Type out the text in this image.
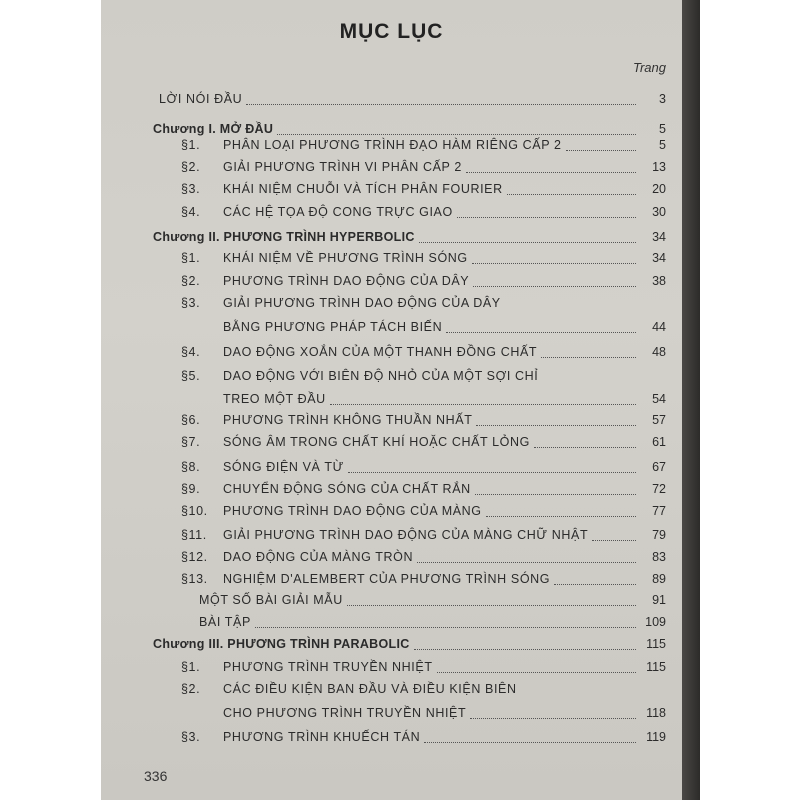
MỤC LỤC
Trang
LỜI NÓI ĐẦU	3
Chương I. MỞ ĐẦU	5
§1. PHÂN LOẠI PHƯƠNG TRÌNH ĐẠO HÀM RIÊNG CẤP 2	5
§2. GIẢI PHƯƠNG TRÌNH VI PHÂN CẤP 2	13
§3. KHÁI NIỆM CHUỖI VÀ TÍCH PHÂN FOURIER	20
§4. CÁC HỆ TỌA ĐỘ CONG TRỰC GIAO	30
Chương II. PHƯƠNG TRÌNH HYPERBOLIC	34
§1. KHÁI NIỆM VỀ PHƯƠNG TRÌNH SÓNG	34
§2. PHƯƠNG TRÌNH DAO ĐỘNG CỦA DÂY	38
§3. GIẢI PHƯƠNG TRÌNH DAO ĐỘNG CỦA DÂY
BẰNG PHƯƠNG PHÁP TÁCH BIẾN	44
§4. DAO ĐỘNG XOẮN CỦA MỘT THANH ĐỒNG CHẤT	48
§5. DAO ĐỘNG VỚI BIÊN ĐỘ NHỎ CỦA MỘT SỢI CHỈ
TREO MỘT ĐẦU	54
§6. PHƯƠNG TRÌNH KHÔNG THUẦN NHẤT	57
§7. SÓNG ÂM TRONG CHẤT KHÍ HOẶC CHẤT LỎNG	61
§8. SÓNG ĐIỆN VÀ TỪ	67
§9. CHUYỂN ĐỘNG SÓNG CỦA CHẤT RẮN	72
§10. PHƯƠNG TRÌNH DAO ĐỘNG CỦA MÀNG	77
§11. GIẢI PHƯƠNG TRÌNH DAO ĐỘNG CỦA MÀNG CHỮ NHẬT	79
§12. DAO ĐỘNG CỦA MÀNG TRÒN	83
§13. NGHIỆM D'ALEMBERT CỦA PHƯƠNG TRÌNH SÓNG	89
MỘT SỐ BÀI GIẢI MẪU	91
BÀI TẬP	109
Chương III. PHƯƠNG TRÌNH PARABOLIC	115
§1. PHƯƠNG TRÌNH TRUYỀN NHIỆT	115
§2. CÁC ĐIỀU KIỆN BAN ĐẦU VÀ ĐIỀU KIỆN BIÊN
CHO PHƯƠNG TRÌNH TRUYỀN NHIỆT	118
§3. PHƯƠNG TRÌNH KHUẾCH TÁN	119
336
